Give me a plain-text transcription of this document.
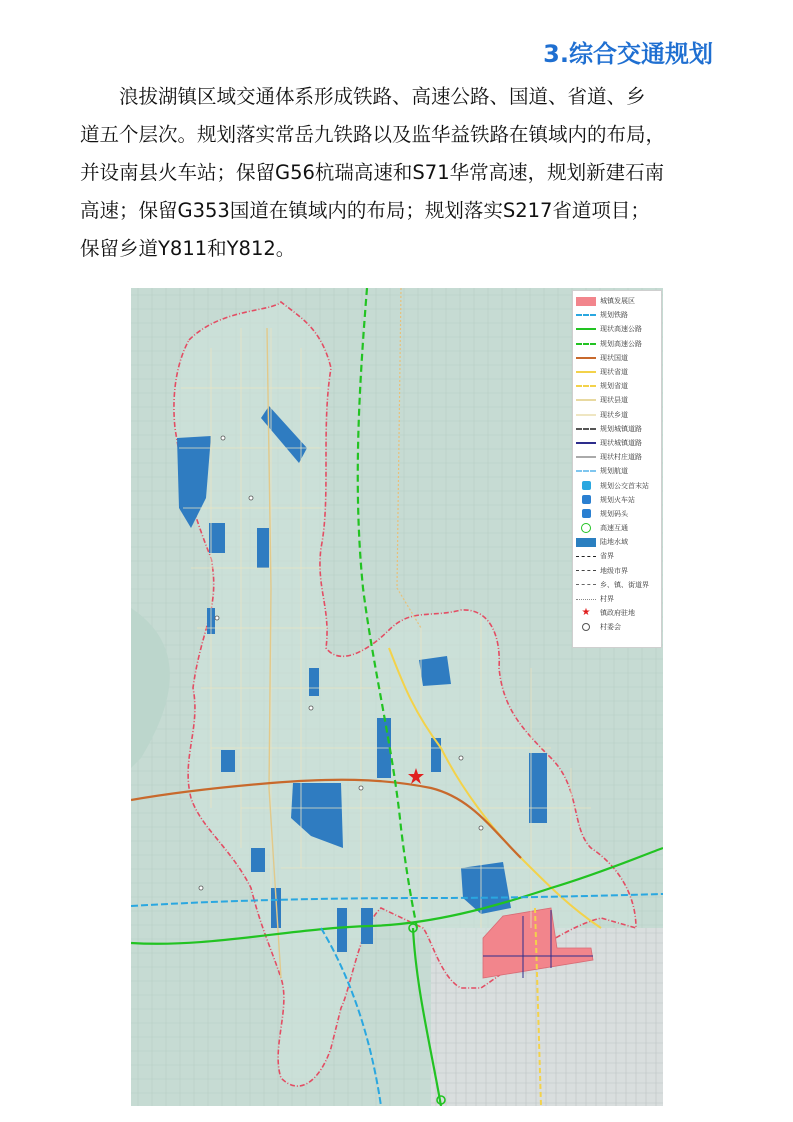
3.综合交通规划

浪拔湖镇区域交通体系形成铁路、高速公路、国道、省道、乡
道五个层次。规划落实常岳九铁路以及监华益铁路在镇域内的布局，
并设南县火车站；保留G56杭瑞高速和S71华常高速，规划新建石南
高速；保留G353国道在镇域内的布局；规划落实S217省道项目；
保留乡道Y811和Y812。

城镇发展区
规划铁路
现状高速公路
规划高速公路
现状国道
现状省道
规划省道
现状县道
现状乡道
规划城镇道路
现状城镇道路
现状村庄道路
规划航道
规划公交首末站
规划火车站
规划码头
高速互通
陆地水域
省界
地级市界
乡、镇、街道界
村界
★ 镇政府驻地
村委会
